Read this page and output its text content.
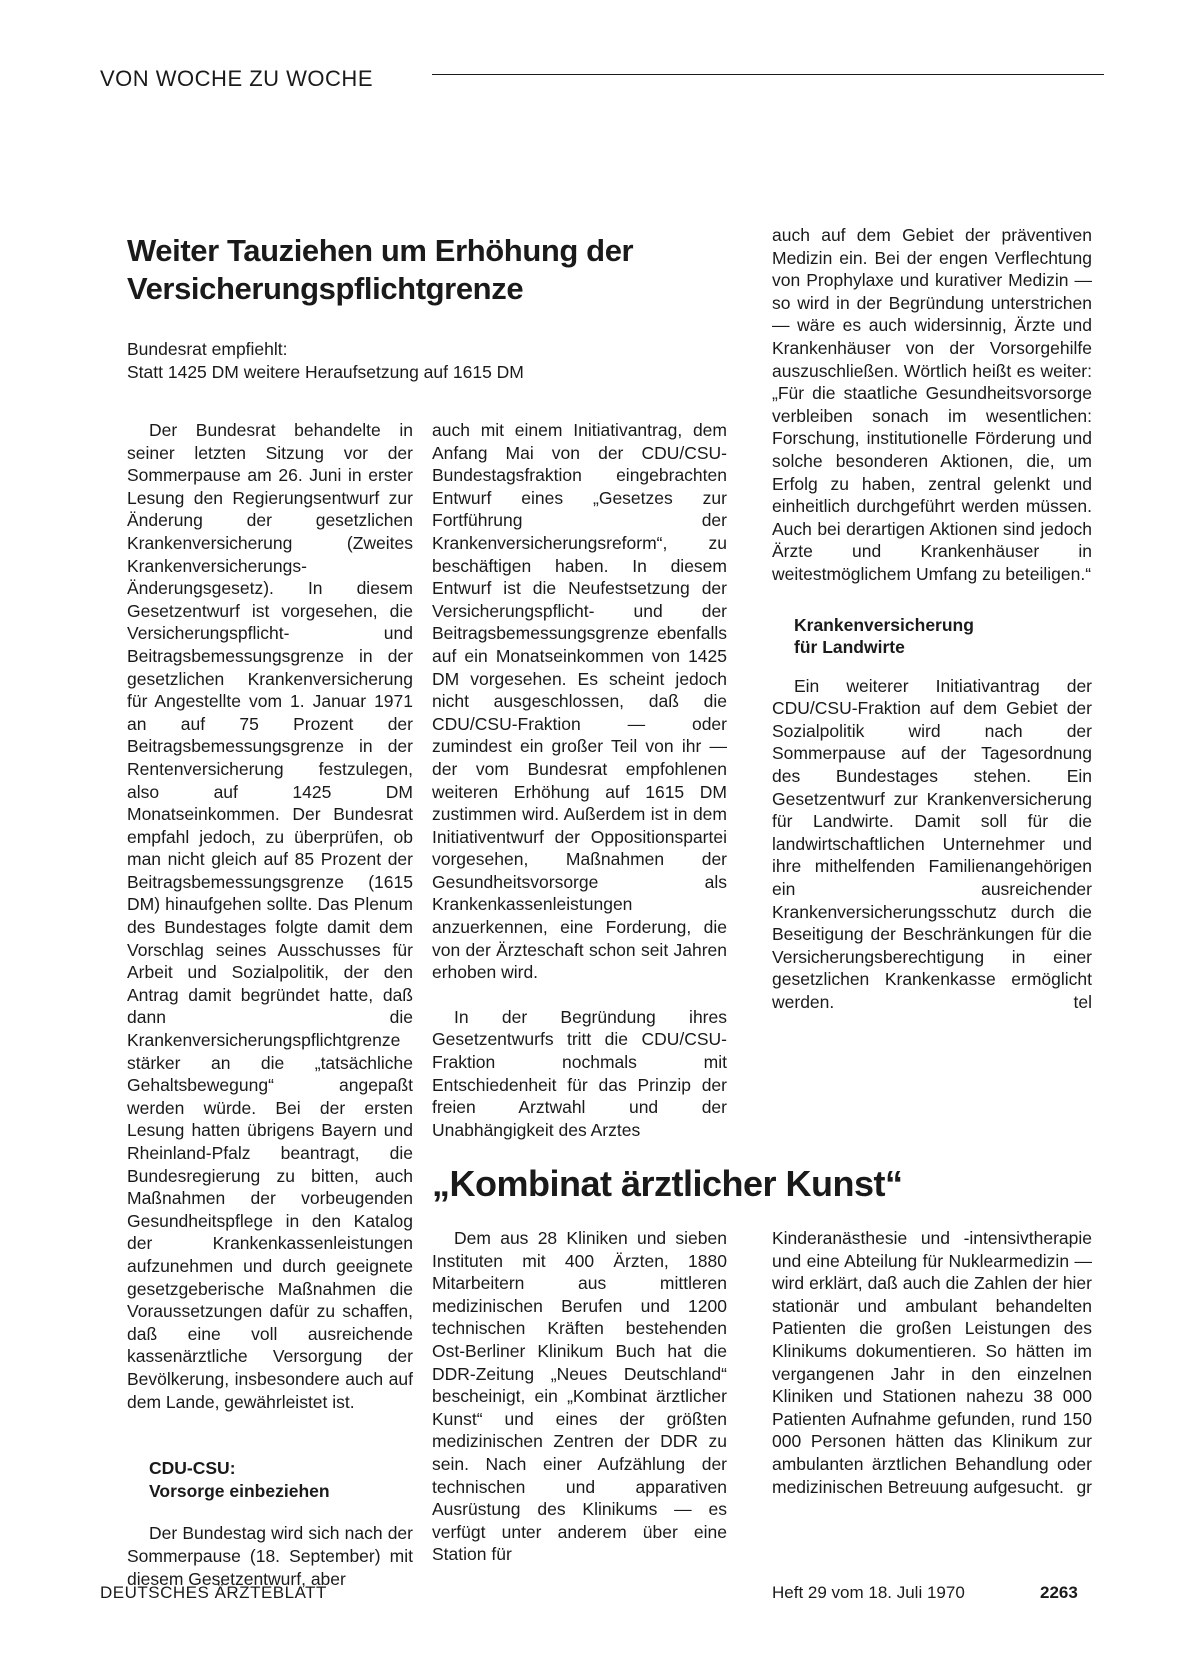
VON WOCHE ZU WOCHE
Weiter Tauziehen um Erhöhung der Versicherungspflichtgrenze
Bundesrat empfiehlt:
Statt 1425 DM weitere Heraufsetzung auf 1615 DM

Der Bundesrat behandelte in seiner letzten Sitzung vor der Sommerpause am 26. Juni in erster Lesung den Regierungsentwurf zur Änderung der gesetzlichen Krankenversicherung (Zweites Krankenversicherungs-Änderungsgesetz). In diesem Gesetzentwurf ist vorgesehen, die Versicherungspflicht- und Beitragsbemessungsgrenze in der gesetzlichen Krankenversicherung für Angestellte vom 1. Januar 1971 an auf 75 Prozent der Beitragsbemessungsgrenze in der Rentenversicherung festzulegen, also auf 1425 DM Monatseinkommen. Der Bundesrat empfahl jedoch, zu überprüfen, ob man nicht gleich auf 85 Prozent der Beitragsbemessungsgrenze (1615 DM) hinaufgehen sollte. Das Plenum des Bundestages folgte damit dem Vorschlag seines Ausschusses für Arbeit und Sozialpolitik, der den Antrag damit begründet hatte, daß dann die Krankenversicherungspflichtgrenze stärker an die „tatsächliche Gehaltsbewegung“ angepaßt werden würde. Bei der ersten Lesung hatten übrigens Bayern und Rheinland-Pfalz beantragt, die Bundesregierung zu bitten, auch Maßnahmen der vorbeugenden Gesundheitspflege in den Katalog der Krankenkassenleistungen aufzunehmen und durch geeignete gesetzgeberische Maßnahmen die Voraussetzungen dafür zu schaffen, daß eine voll ausreichende kassenärztliche Versorgung der Bevölkerung, insbesondere auch auf dem Lande, gewährleistet ist.

CDU-CSU:
Vorsorge einbeziehen

Der Bundestag wird sich nach der Sommerpause (18. September) mit diesem Gesetzentwurf, aber

auch mit einem Initiativantrag, dem Anfang Mai von der CDU/CSU-Bundestagsfraktion eingebrachten Entwurf eines „Gesetzes zur Fortführung der Krankenversicherungsreform“, zu beschäftigen haben. In diesem Entwurf ist die Neufestsetzung der Versicherungspflicht- und der Beitragsbemessungsgrenze ebenfalls auf ein Monatseinkommen von 1425 DM vorgesehen. Es scheint jedoch nicht ausgeschlossen, daß die CDU/CSU-Fraktion — oder zumindest ein großer Teil von ihr — der vom Bundesrat empfohlenen weiteren Erhöhung auf 1615 DM zustimmen wird. Außerdem ist in dem Initiativentwurf der Oppositionspartei vorgesehen, Maßnahmen der Gesundheitsvorsorge als Krankenkassenleistungen anzuerkennen, eine Forderung, die von der Ärzteschaft schon seit Jahren erhoben wird.

In der Begründung ihres Gesetzentwurfs tritt die CDU/CSU-Fraktion nochmals mit Entschiedenheit für das Prinzip der freien Arztwahl und der Unabhängigkeit des Arztes

auch auf dem Gebiet der präventiven Medizin ein. Bei der engen Verflechtung von Prophylaxe und kurativer Medizin — so wird in der Begründung unterstrichen — wäre es auch widersinnig, Ärzte und Krankenhäuser von der Vorsorgehilfe auszuschließen. Wörtlich heißt es weiter: „Für die staatliche Gesundheitsvorsorge verbleiben sonach im wesentlichen: Forschung, institutionelle Förderung und solche besonderen Aktionen, die, um Erfolg zu haben, zentral gelenkt und einheitlich durchgeführt werden müssen. Auch bei derartigen Aktionen sind jedoch Ärzte und Krankenhäuser in weitestmöglichem Umfang zu beteiligen.“

Krankenversicherung
für Landwirte

Ein weiterer Initiativantrag der CDU/CSU-Fraktion auf dem Gebiet der Sozialpolitik wird nach der Sommerpause auf der Tagesordnung des Bundestages stehen. Ein Gesetzentwurf zur Krankenversicherung für Landwirte. Damit soll für die landwirtschaftlichen Unternehmer und ihre mithelfenden Familienangehörigen ein ausreichender Krankenversicherungsschutz durch die Beseitigung der Beschränkungen für die Versicherungsberechtigung in einer gesetzlichen Krankenkasse ermöglicht werden.	tel
„Kombinat ärztlicher Kunst“

Dem aus 28 Kliniken und sieben Instituten mit 400 Ärzten, 1880 Mitarbeitern aus mittleren medizinischen Berufen und 1200 technischen Kräften bestehenden Ost-Berliner Klinikum Buch hat die DDR-Zeitung „Neues Deutschland“ bescheinigt, ein „Kombinat ärztlicher Kunst“ und eines der größten medizinischen Zentren der DDR zu sein. Nach einer Aufzählung der technischen und apparativen Ausrüstung des Klinikums — es verfügt unter anderem über eine Station für

Kinderanästhesie und -intensivtherapie und eine Abteilung für Nuklearmedizin — wird erklärt, daß auch die Zahlen der hier stationär und ambulant behandelten Patienten die großen Leistungen des Klinikums dokumentieren. So hätten im vergangenen Jahr in den einzelnen Kliniken und Stationen nahezu 38 000 Patienten Aufnahme gefunden, rund 150 000 Personen hätten das Klinikum zur ambulanten ärztlichen Behandlung oder medizinischen Betreuung aufgesucht. gr
DEUTSCHES ÄRZTEBLATT	Heft 29 vom 18. Juli 1970	2263
